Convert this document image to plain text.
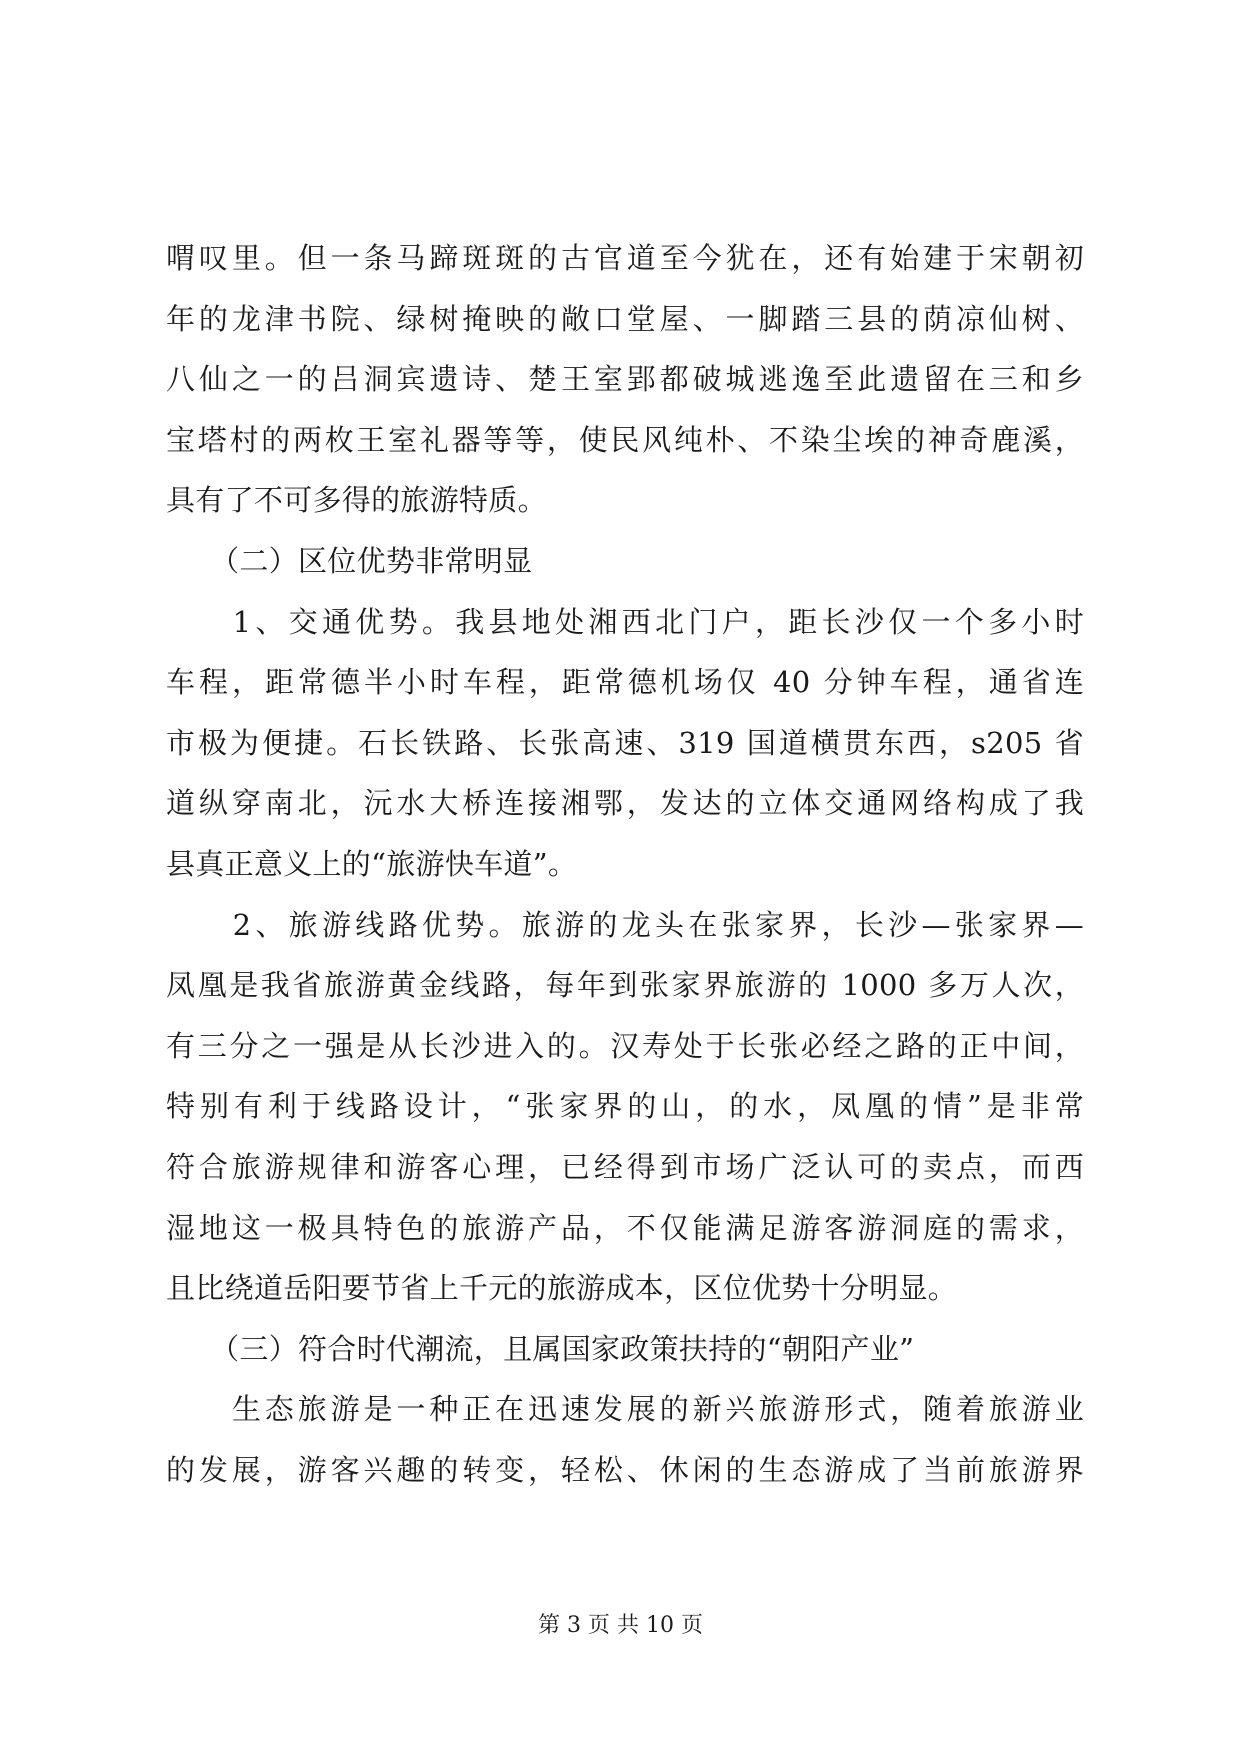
喟叹里。但一条马蹄斑斑的古官道至今犹在，还有始建于宋朝初
年的龙津书院、绿树掩映的敞口堂屋、一脚踏三县的荫凉仙树、
八仙之一的吕洞宾遗诗、楚王室郢都破城逃逸至此遗留在三和乡
宝塔村的两枚王室礼器等等，使民风纯朴、不染尘埃的神奇鹿溪，
具有了不可多得的旅游特质。
　　（二）区位优势非常明显
　　1、交通优势。我县地处湘西北门户，距长沙仅一个多小时
车程，距常德半小时车程，距常德机场仅 40 分钟车程，通省连
市极为便捷。石长铁路、长张高速、319 国道横贯东西，s205 省
道纵穿南北，沅水大桥连接湘鄂，发达的立体交通网络构成了我
县真正意义上的“旅游快车道”。
　　2、旅游线路优势。旅游的龙头在张家界，长沙—张家界—
凤凰是我省旅游黄金线路，每年到张家界旅游的 1000 多万人次，
有三分之一强是从长沙进入的。汉寿处于长张必经之路的正中间，
特别有利于线路设计，“张家界的山，的水，凤凰的情”是非常
符合旅游规律和游客心理，已经得到市场广泛认可的卖点，而西
湿地这一极具特色的旅游产品，不仅能满足游客游洞庭的需求，
且比绕道岳阳要节省上千元的旅游成本，区位优势十分明显。
　　（三）符合时代潮流，且属国家政策扶持的“朝阳产业”
　　生态旅游是一种正在迅速发展的新兴旅游形式，随着旅游业
的发展，游客兴趣的转变，轻松、休闲的生态游成了当前旅游界
第 3 页 共 10 页
